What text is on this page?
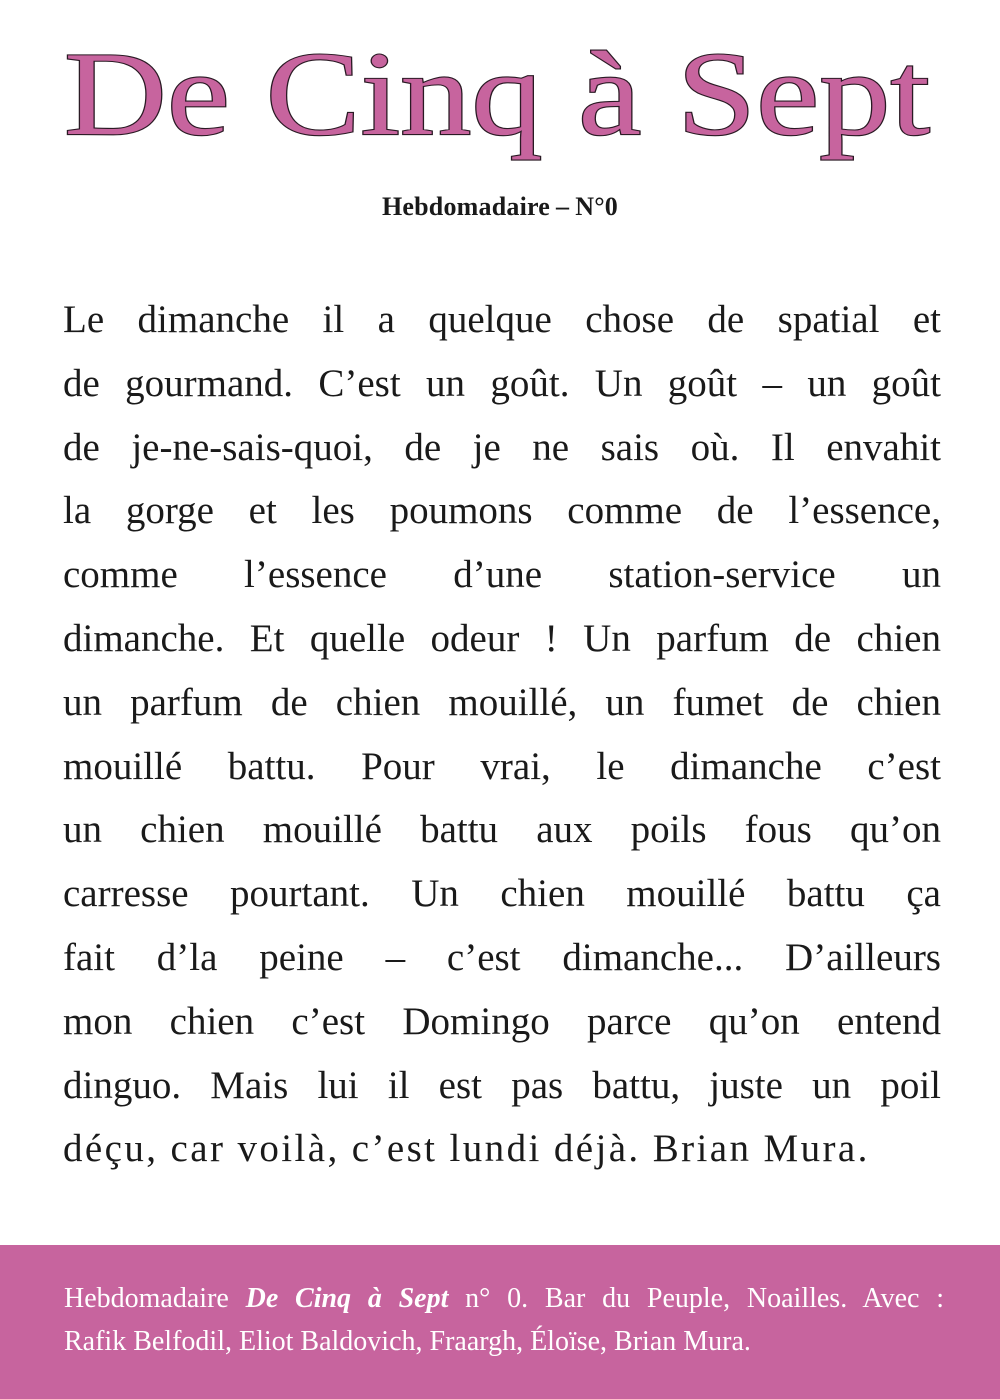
De Cinq à Sept
Hebdomadaire – N°0
Le dimanche il a quelque chose de spatial et
de gourmand. C’est un goût. Un goût – un goût
de je-ne-sais-quoi, de je ne sais où. Il envahit
la gorge et les poumons comme de l’essence,
comme l’essence d’une station-service un
dimanche. Et quelle odeur ! Un parfum de chien
un parfum de chien mouillé, un fumet de chien
mouillé battu. Pour vrai, le dimanche c’est
un chien mouillé battu aux poils fous qu’on
carresse pourtant. Un chien mouillé battu ça
fait d’la peine – c’est dimanche... D’ailleurs
mon chien c’est Domingo parce qu’on entend
dinguo. Mais lui il est pas battu, juste un poil
déçu, car voilà, c’est lundi déjà. Brian Mura.
Hebdomadaire De Cinq à Sept n° 0. Bar du Peuple, Noailles. Avec :
Rafik Belfodil, Eliot Baldovich, Fraargh, Éloïse, Brian Mura.
